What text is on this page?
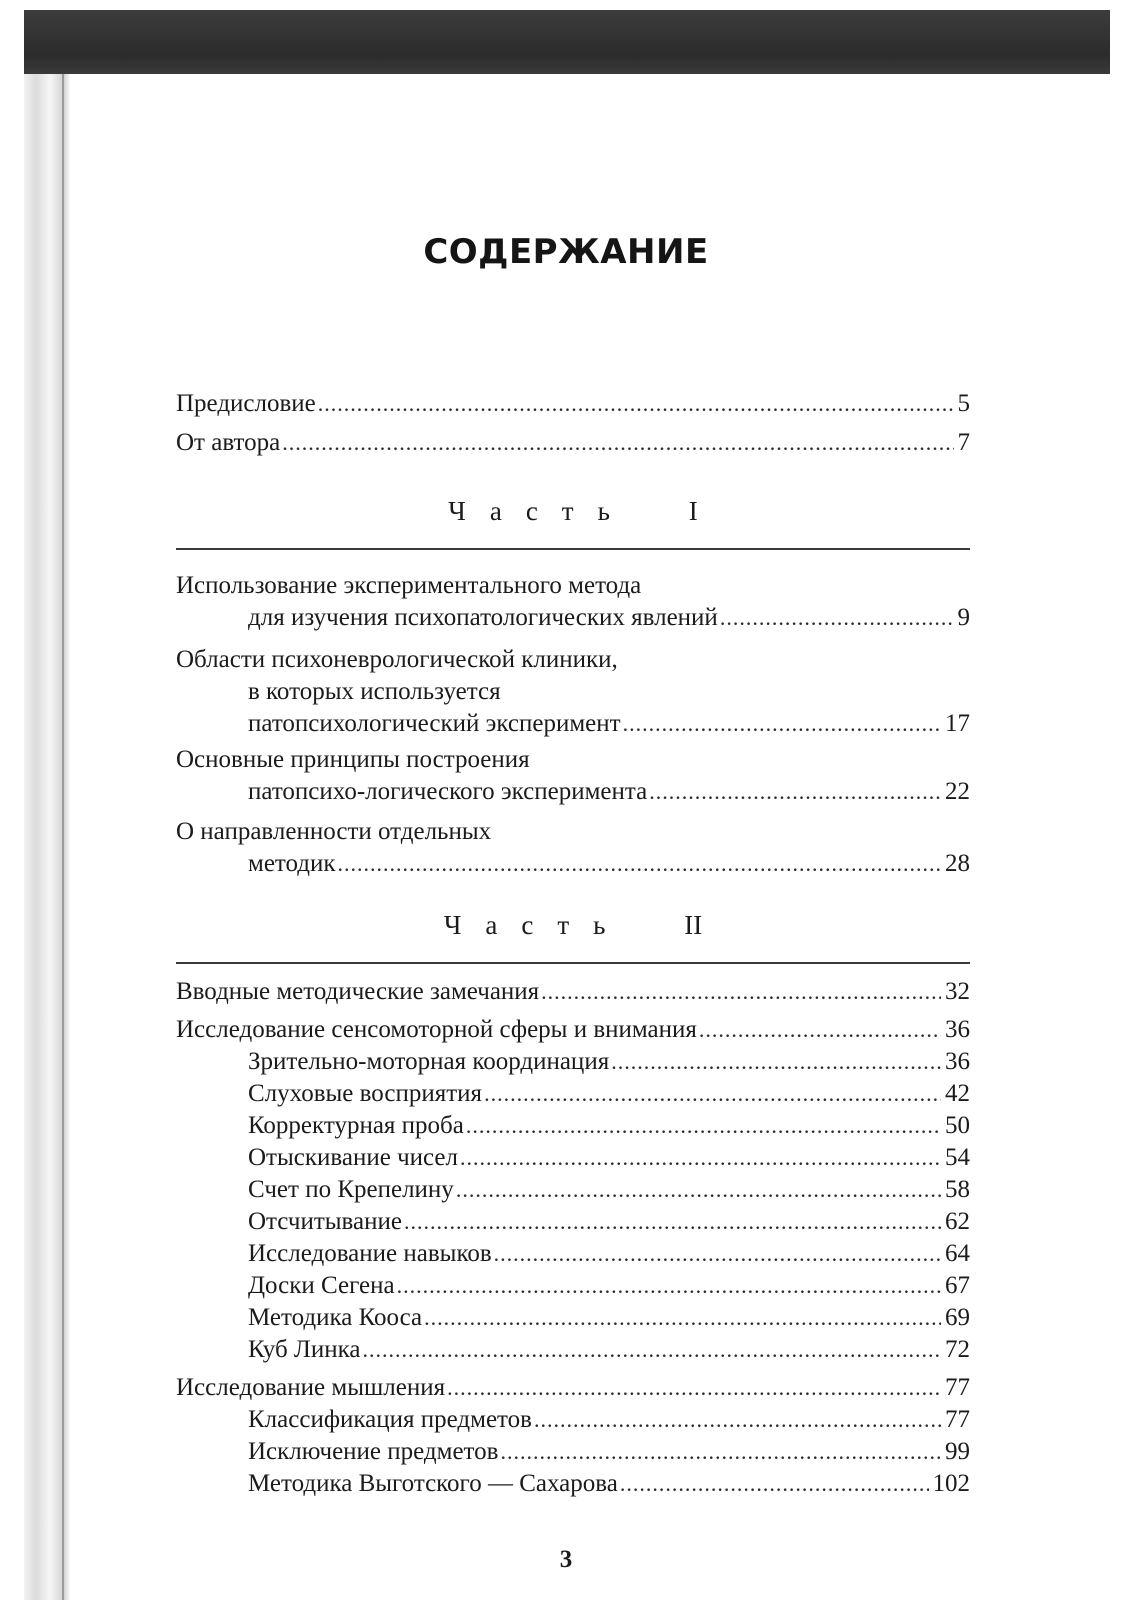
СОДЕРЖАНИЕ
Предисловие .....	5
От автора .....	7
Часть I
Использование экспериментального метода
для изучения психопатологических явлений .....	9
Области психоневрологической клиники,
в которых используется
патопсихологический эксперимент .....	17
Основные принципы построения
патопсихо-логического эксперимента .....	22
О направленности отдельных
методик .....	28
Часть II
Вводные методические замечания .....	32
Исследование сенсомоторной сферы и внимания .....	36
Зрительно-моторная координация .....	36
Слуховые восприятия .....	42
Корректурная проба .....	50
Отыскивание чисел .....	54
Счет по Крепелину .....	58
Отсчитывание .....	62
Исследование навыков .....	64
Доски Сегена .....	67
Методика Кооса .....	69
Куб Линка .....	72
Исследование мышления .....	77
Классификация предметов .....	77
Исключение предметов .....	99
Методика Выготского — Сахарова .....	102
3
